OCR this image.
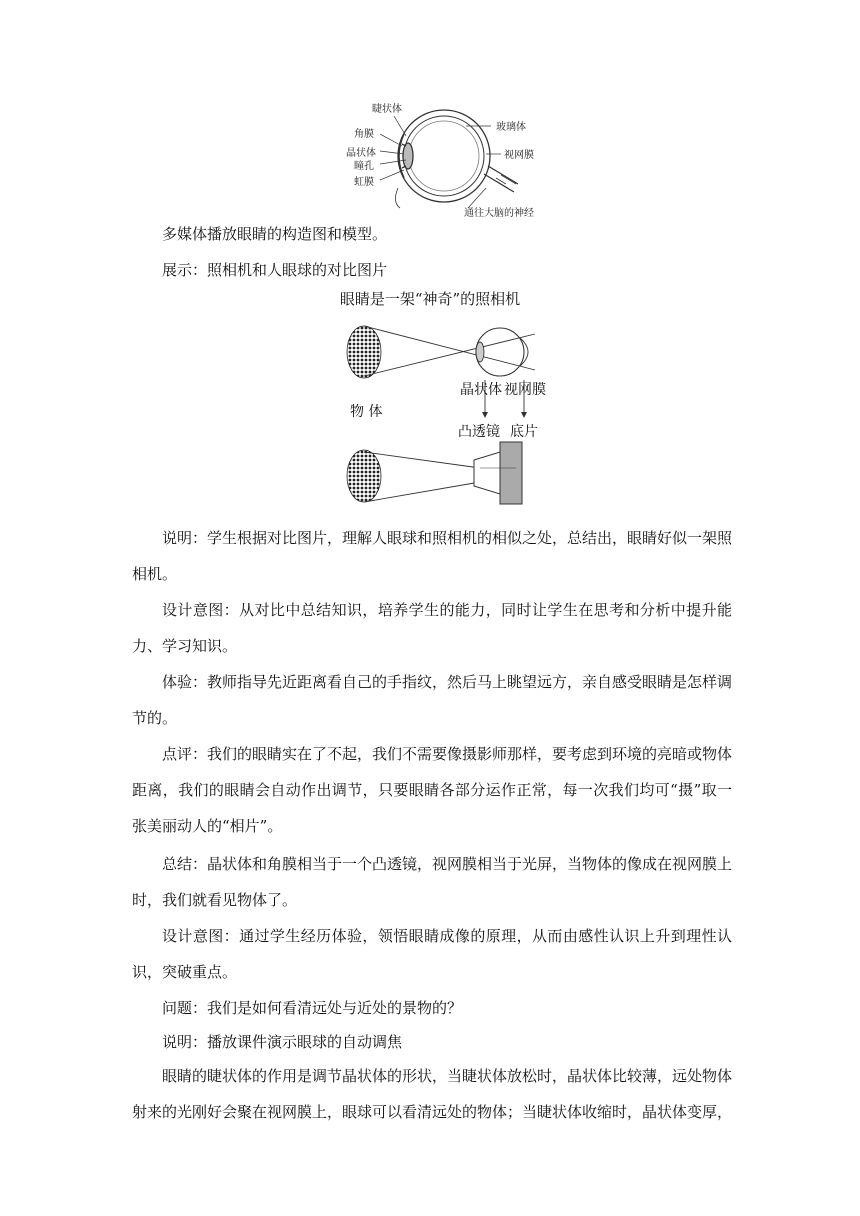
睫状体
角膜
晶状体
瞳孔
虹膜
玻璃体
视网膜
通往大脑的神经

多媒体播放眼睛的构造图和模型。

展示：照相机和人眼球的对比图片

眼睛是一架“神奇”的照相机
物 体
晶状体 视网膜
凸透镜 底片

说明：学生根据对比图片，理解人眼球和照相机的相似之处，总结出，眼睛好似一架照相机。

设计意图：从对比中总结知识，培养学生的能力，同时让学生在思考和分析中提升能力、学习知识。

体验：教师指导先近距离看自己的手指纹，然后马上眺望远方，亲自感受眼睛是怎样调节的。

点评：我们的眼睛实在了不起，我们不需要像摄影师那样，要考虑到环境的亮暗或物体距离，我们的眼睛会自动作出调节，只要眼睛各部分运作正常，每一次我们均可“摄”取一张美丽动人的“相片”。

总结：晶状体和角膜相当于一个凸透镜，视网膜相当于光屏，当物体的像成在视网膜上时，我们就看见物体了。

设计意图：通过学生经历体验，领悟眼睛成像的原理，从而由感性认识上升到理性认识，突破重点。

问题：我们是如何看清远处与近处的景物的？

说明：播放课件演示眼球的自动调焦

眼睛的睫状体的作用是调节晶状体的形状，当睫状体放松时，晶状体比较薄，远处物体射来的光刚好会聚在视网膜上，眼球可以看清远处的物体；当睫状体收缩时，晶状体变厚，
